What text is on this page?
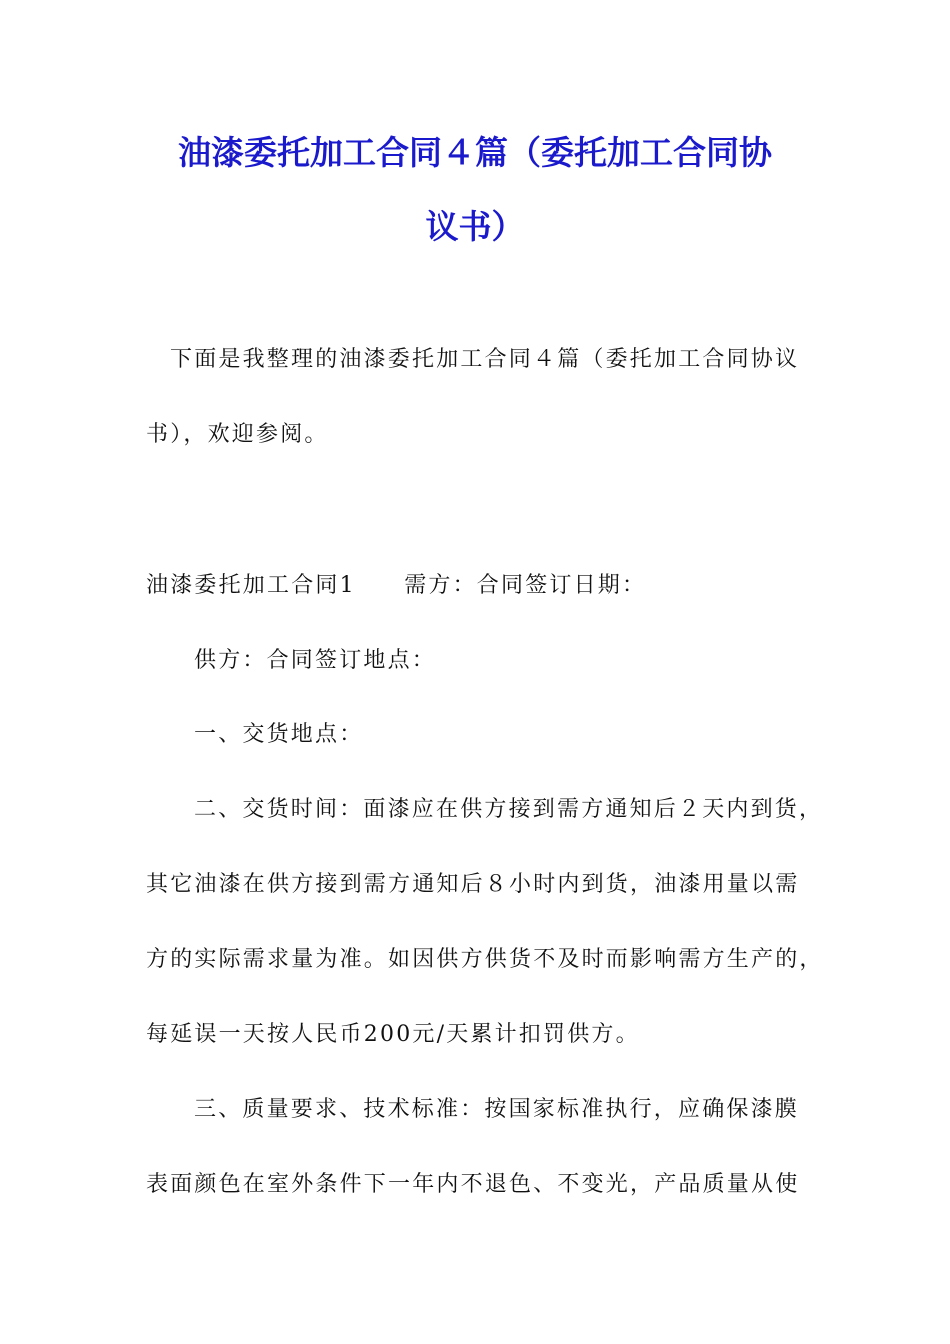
油漆委托加工合同４篇（委托加工合同协
议书）
下面是我整理的油漆委托加工合同４篇（委托加工合同协议
书），欢迎参阅。
油漆委托加工合同1　　需方：合同签订日期：
供方：合同签订地点：
一、交货地点：
二、交货时间：面漆应在供方接到需方通知后２天内到货，
其它油漆在供方接到需方通知后８小时内到货，油漆用量以需
方的实际需求量为准。如因供方供货不及时而影响需方生产的，
每延误一天按人民币200元/天累计扣罚供方。
三、质量要求、技术标准：按国家标准执行，应确保漆膜
表面颜色在室外条件下一年内不退色、不变光，产品质量从使
